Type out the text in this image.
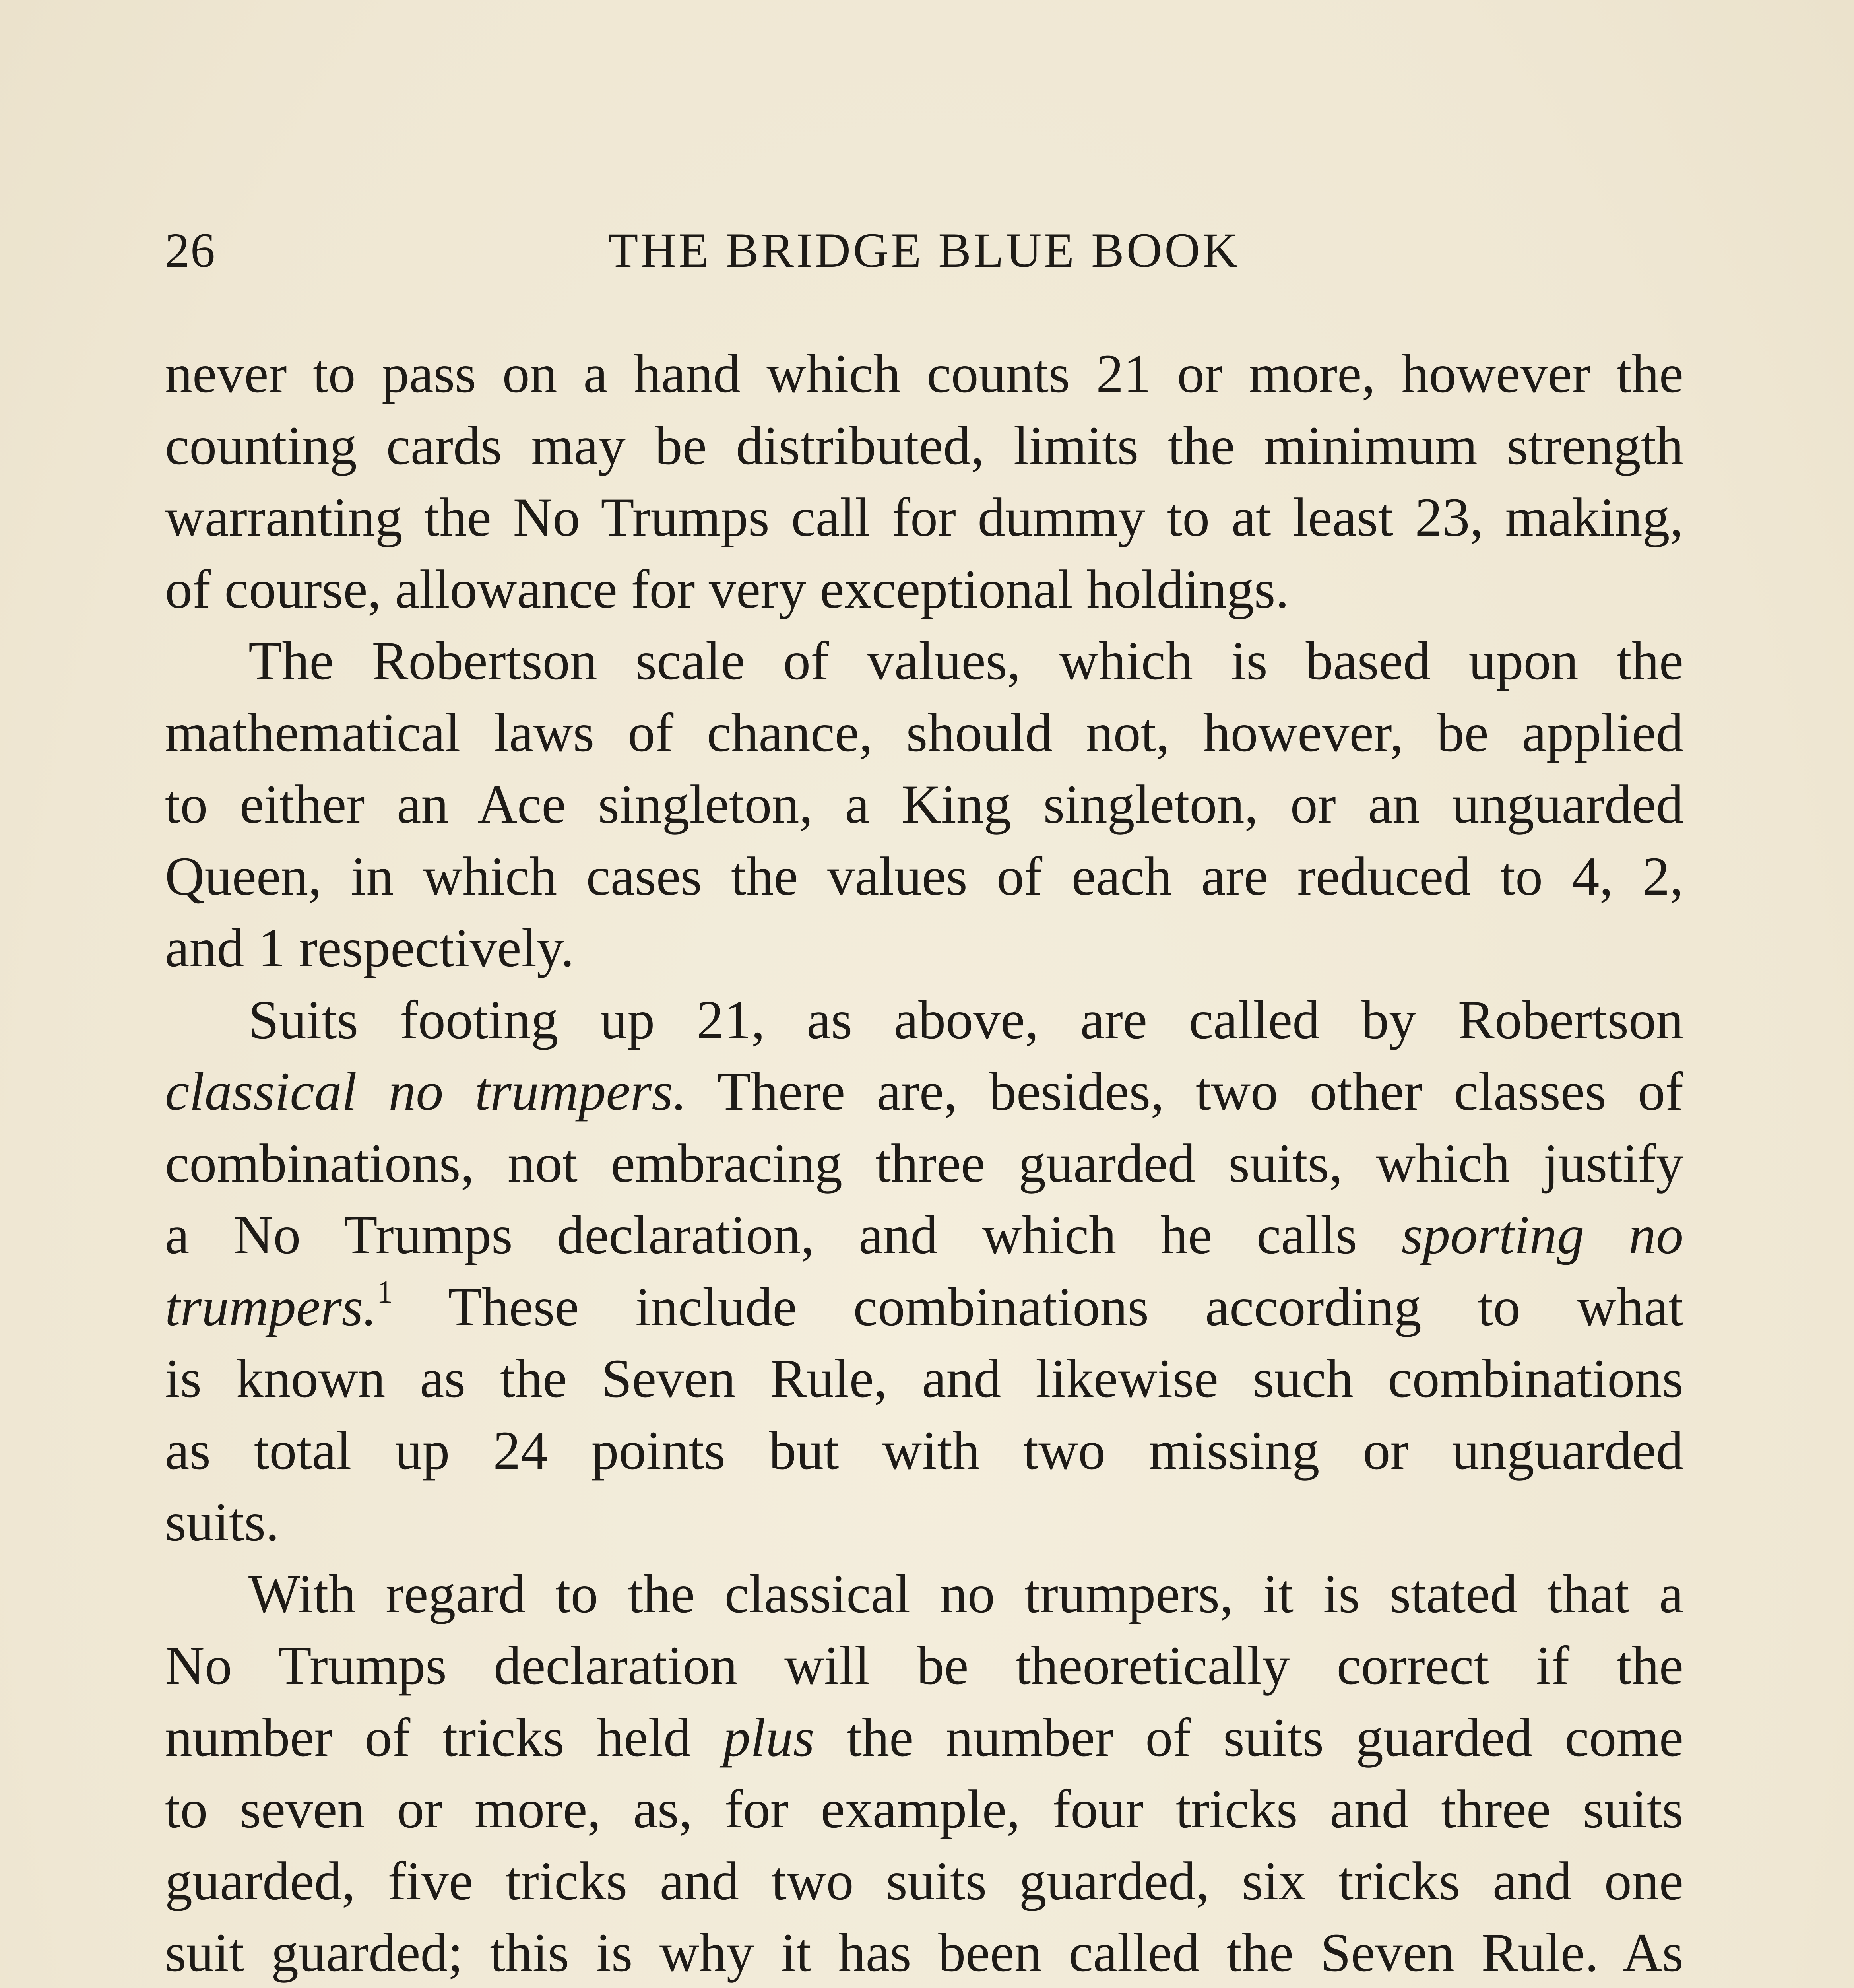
26	THE BRIDGE BLUE BOOK

never to pass on a hand which counts 21 or more, however the
counting cards may be distributed, limits the minimum strength
warranting the No Trumps call for dummy to at least 23, making,
of course, allowance for very exceptional holdings.

The Robertson scale of values, which is based upon the
mathematical laws of chance, should not, however, be applied
to either an Ace singleton, a King singleton, or an unguarded
Queen, in which cases the values of each are reduced to 4, 2,
and 1 respectively.

Suits footing up 21, as above, are called by Robertson
classical no trumpers. There are, besides, two other classes of
combinations, not embracing three guarded suits, which justify
a No Trumps declaration, and which he calls sporting no
trumpers.$^1$ These include combinations according to what
is known as the Seven Rule, and likewise such combinations
as total up 24 points but with two missing or unguarded
suits.

With regard to the classical no trumpers, it is stated that a
No Trumps declaration will be theoretically correct if the
number of tricks held plus the number of suits guarded come
to seven or more, as, for example, four tricks and three suits
guarded, five tricks and two suits guarded, six tricks and one
suit guarded; this is why it has been called the Seven Rule. As
